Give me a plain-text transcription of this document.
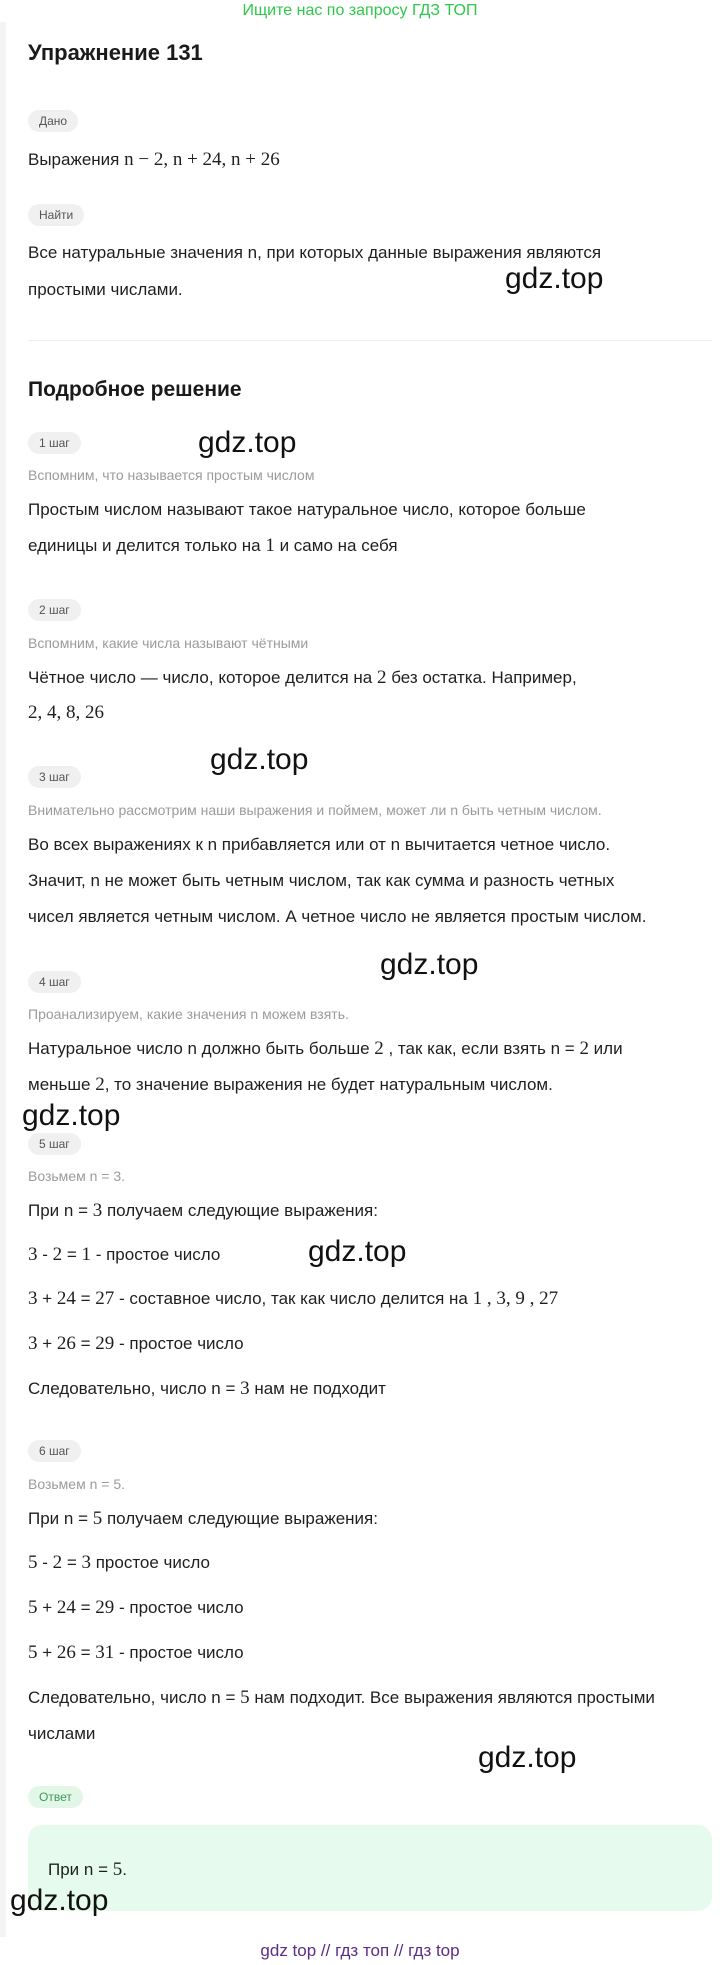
Ищите нас по запросу ГДЗ ТОП
Упражнение 131
Дано
Выражения n − 2, n + 24, n + 26
Найти
Все натуральные значения n, при которых данные выражения являются
простыми числами.
Подробное решение
1 шаг
Вспомним, что называется простым числом
Простым числом называют такое натуральное число, которое больше
единицы и делится только на 1 и само на себя
2 шаг
Вспомним, какие числа называют чётными
Чётное число — число, которое делится на 2 без остатка. Например,
2, 4, 8, 26
3 шаг
Внимательно рассмотрим наши выражения и поймем, может ли n быть четным числом.
Во всех выражениях к n прибавляется или от n вычитается четное число.
Значит, n не может быть четным числом, так как сумма и разность четных
чисел является четным числом. А четное число не является простым числом.
4 шаг
Проанализируем, какие значения n можем взять.
Натуральное число n должно быть больше 2 , так как, если взять n = 2 или
меньше 2, то значение выражения не будет натуральным числом.
5 шаг
Возьмем n = 3.
При n = 3 получаем следующие выражения:
3 - 2 = 1 - простое число
3 + 24 = 27 - составное число, так как число делится на 1 , 3, 9 , 27
3 + 26 = 29 - простое число
Следовательно, число n = 3 нам не подходит
6 шаг
Возьмем n = 5.
При n = 5 получаем следующие выражения:
5 - 2 = 3 простое число
5 + 24 = 29 - простое число
5 + 26 = 31 - простое число
Следовательно, число n = 5 нам подходит. Все выражения являются простыми
числами
Ответ
При n = 5.
gdz.top
gdz.top
gdz.top
gdz.top
gdz.top
gdz.top
gdz.top
gdz.top
gdz top // гдз топ // гдз top
